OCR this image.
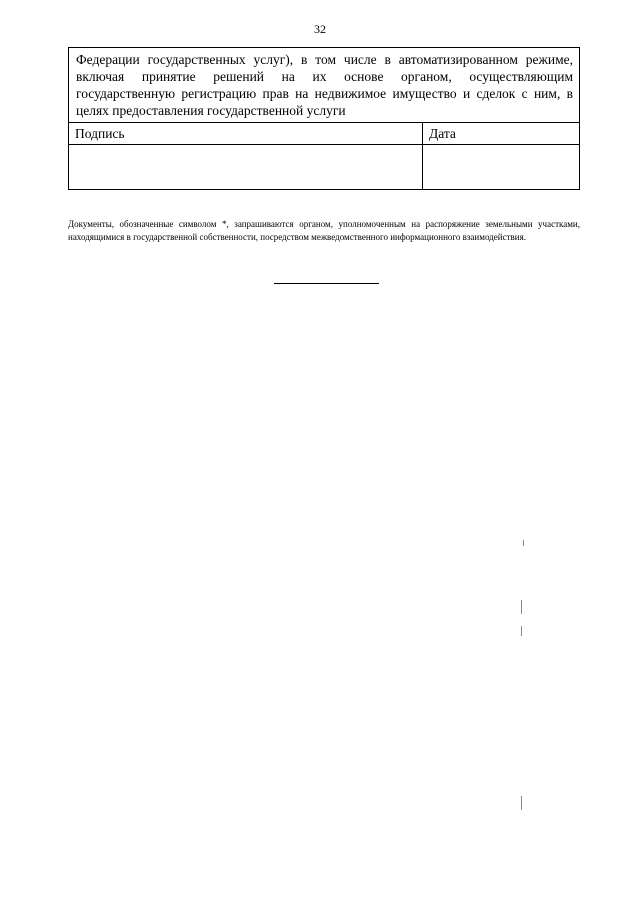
32
Федерации государственных услуг), в том числе в автоматизированном режиме, включая принятие решений на их основе органом, осуществляющим государственную регистрацию прав на недвижимое имущество и сделок с ним, в целях предоставления государственной услуги	
Подпись	Дата

Документы, обозначенные символом *, запрашиваются органом, уполномоченным на распоряжение земельными участками, находящимися в государственной собственности, посредством межведомственного информационного взаимодействия.
